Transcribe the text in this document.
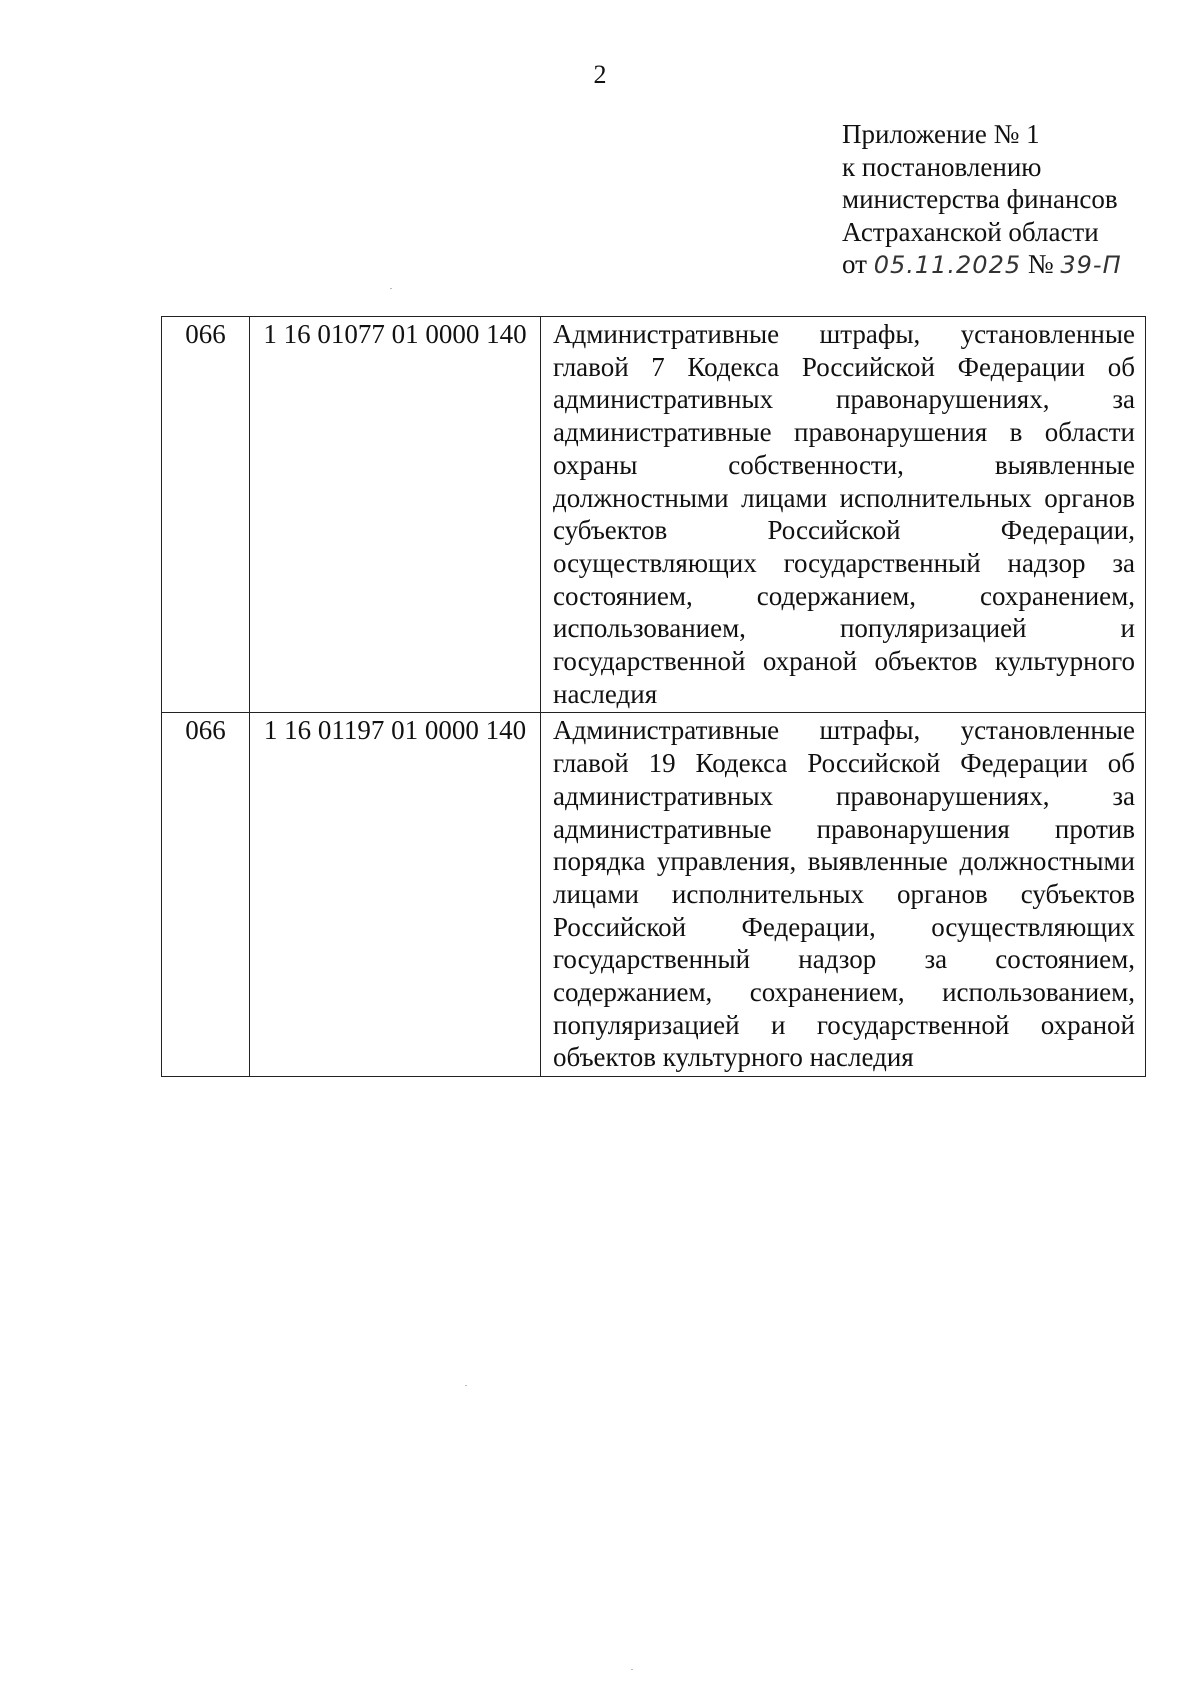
2
Приложение № 1
к постановлению
министерства финансов
Астраханской области
от 05.11.2025 № 39-П
066	1 16 01077 01 0000 140	Административные штрафы, установленные главой 7 Кодекса Российской Федерации об административных правонарушениях, за административные правонарушения в области охраны собственности, выявленные должностными лицами исполнительных органов субъектов Российской Федерации, осуществляющих государственный надзор за состоянием, содержанием, сохранением, использованием, популяризацией и государственной охраной объектов культурного наследия
066	1 16 01197 01 0000 140	Административные штрафы, установленные главой 19 Кодекса Российской Федерации об административных правонарушениях, за административные правонарушения против порядка управления, выявленные должностными лицами исполнительных органов субъектов Российской Федерации, осуществляющих государственный надзор за состоянием, содержанием, сохранением, использованием, популяризацией и государственной охраной объектов культурного наследия
